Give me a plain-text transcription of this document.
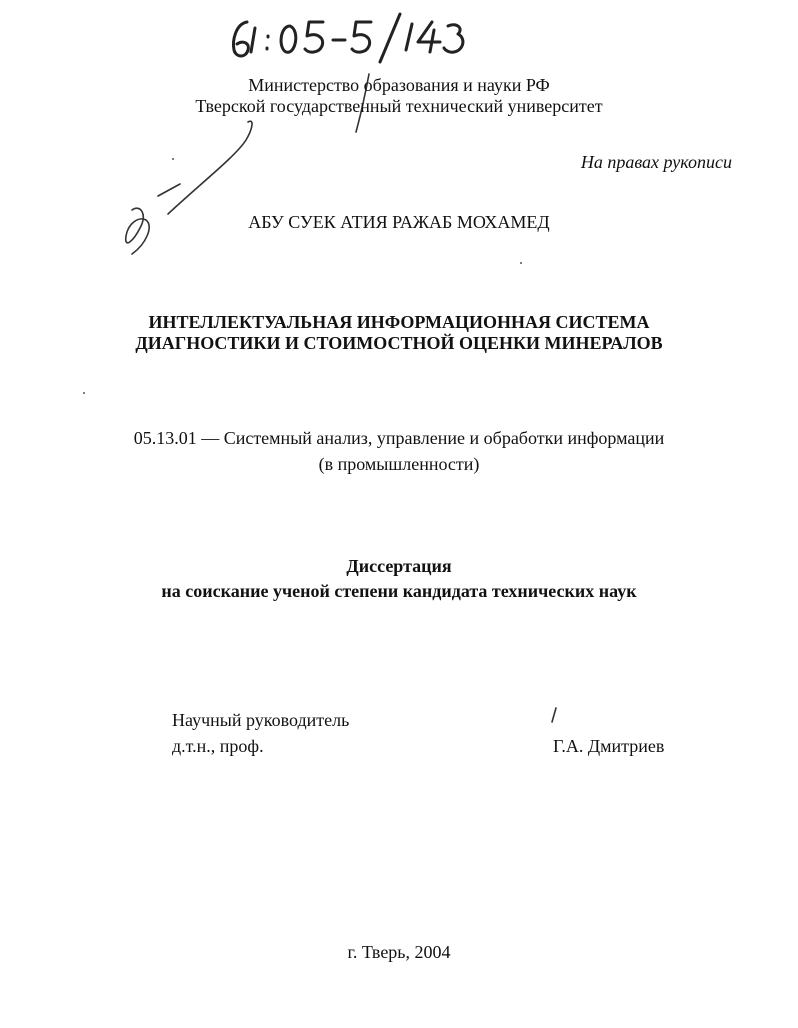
Министерство образования и науки РФ
Тверской государственный технический университет
На правах рукописи
АБУ СУЕК АТИЯ РАЖАБ МОХАМЕД
ИНТЕЛЛЕКТУАЛЬНАЯ ИНФОРМАЦИОННАЯ СИСТЕМА
ДИАГНОСТИКИ И СТОИМОСТНОЙ ОЦЕНКИ МИНЕРАЛОВ
05.13.01 — Системный анализ, управление и обработки информации
(в промышленности)
Диссертация
на соискание ученой степени кандидата технических наук
Научный руководитель
д.т.н., проф.	Г.А. Дмитриев
г. Тверь, 2004
